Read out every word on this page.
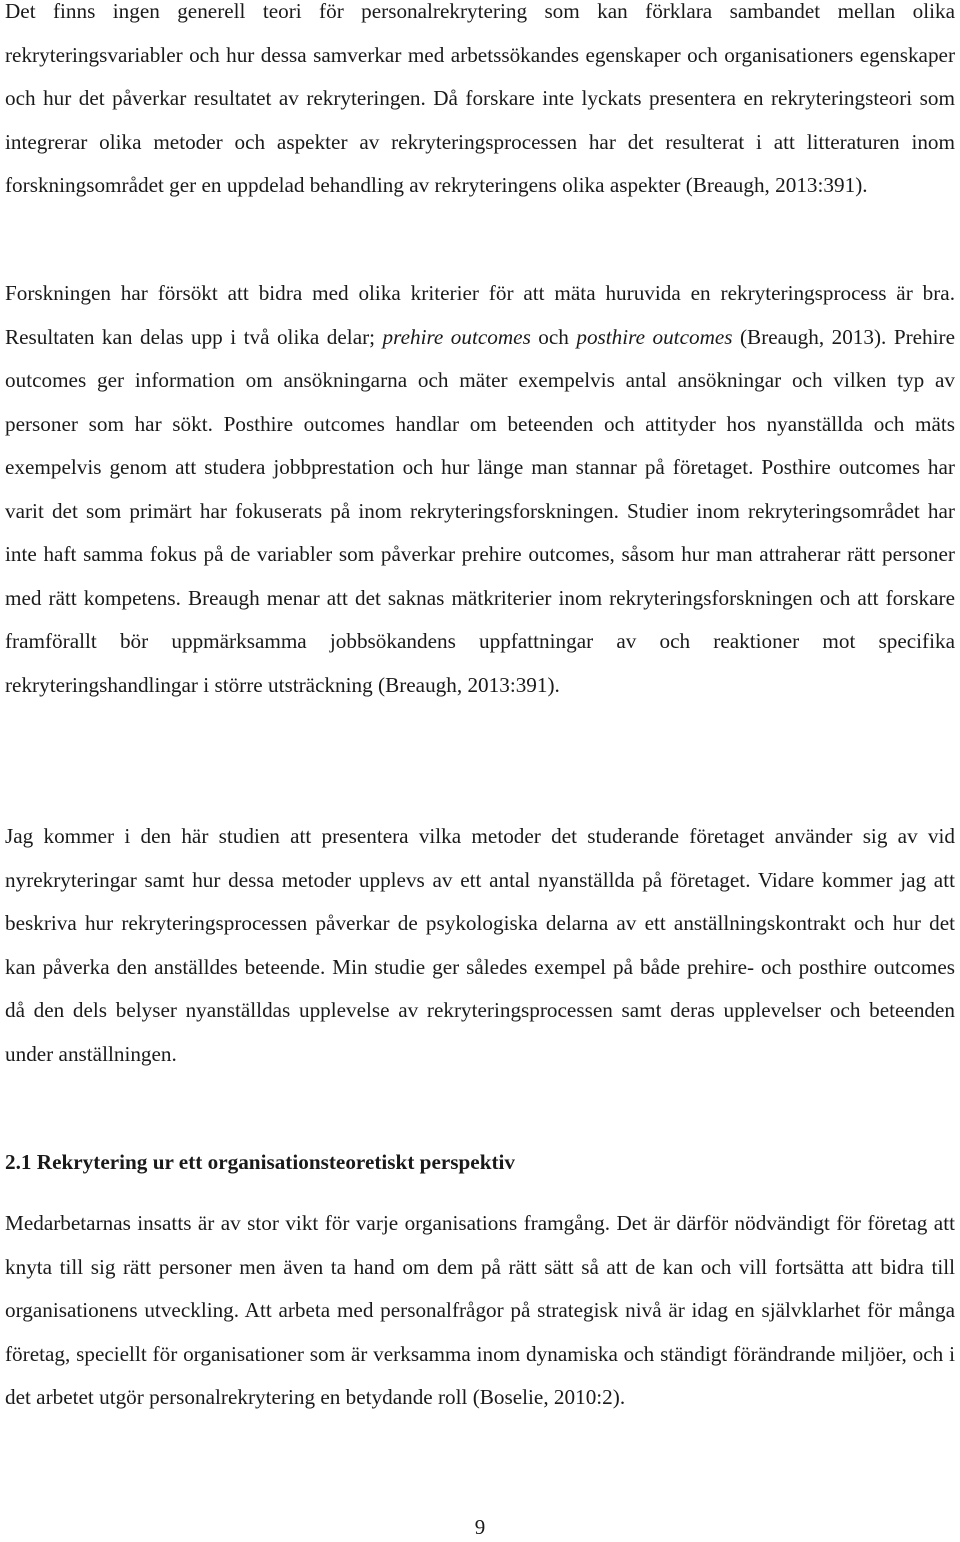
Det finns ingen generell teori för personalrekrytering som kan förklara sambandet mellan olika rekryteringsvariabler och hur dessa samverkar med arbetssökandes egenskaper och organisationers egenskaper och hur det påverkar resultatet av rekryteringen. Då forskare inte lyckats presentera en rekryteringsteori som integrerar olika metoder och aspekter av rekryteringsprocessen har det resulterat i att litteraturen inom forskningsområdet ger en uppdelad behandling av rekryteringens olika aspekter (Breaugh, 2013:391).

Forskningen har försökt att bidra med olika kriterier för att mäta huruvida en rekryteringsprocess är bra. Resultaten kan delas upp i två olika delar; prehire outcomes och posthire outcomes (Breaugh, 2013). Prehire outcomes ger information om ansökningarna och mäter exempelvis antal ansökningar och vilken typ av personer som har sökt. Posthire outcomes handlar om beteenden och attityder hos nyanställda och mäts exempelvis genom att studera jobbprestation och hur länge man stannar på företaget. Posthire outcomes har varit det som primärt har fokuserats på inom rekryteringsforskningen. Studier inom rekryteringsområdet har inte haft samma fokus på de variabler som påverkar prehire outcomes, såsom hur man attraherar rätt personer med rätt kompetens. Breaugh menar att det saknas mätkriterier inom rekryteringsforskningen och att forskare framförallt bör uppmärksamma jobbsökandens uppfattningar av och reaktioner mot specifika rekryteringshandlingar i större utsträckning (Breaugh, 2013:391).

Jag kommer i den här studien att presentera vilka metoder det studerande företaget använder sig av vid nyrekryteringar samt hur dessa metoder upplevs av ett antal nyanställda på företaget. Vidare kommer jag att beskriva hur rekryteringsprocessen påverkar de psykologiska delarna av ett anställningskontrakt och hur det kan påverka den anställdes beteende. Min studie ger således exempel på både prehire- och posthire outcomes då den dels belyser nyanställdas upplevelse av rekryteringsprocessen samt deras upplevelser och beteenden under anställningen.

2.1 Rekrytering ur ett organisationsteoretiskt perspektiv

Medarbetarnas insatts är av stor vikt för varje organisations framgång. Det är därför nödvändigt för företag att knyta till sig rätt personer men även ta hand om dem på rätt sätt så att de kan och vill fortsätta att bidra till organisationens utveckling. Att arbeta med personalfrågor på strategisk nivå är idag en självklarhet för många företag, speciellt för organisationer som är verksamma inom dynamiska och ständigt förändrande miljöer, och i det arbetet utgör personalrekrytering en betydande roll (Boselie, 2010:2).

9
